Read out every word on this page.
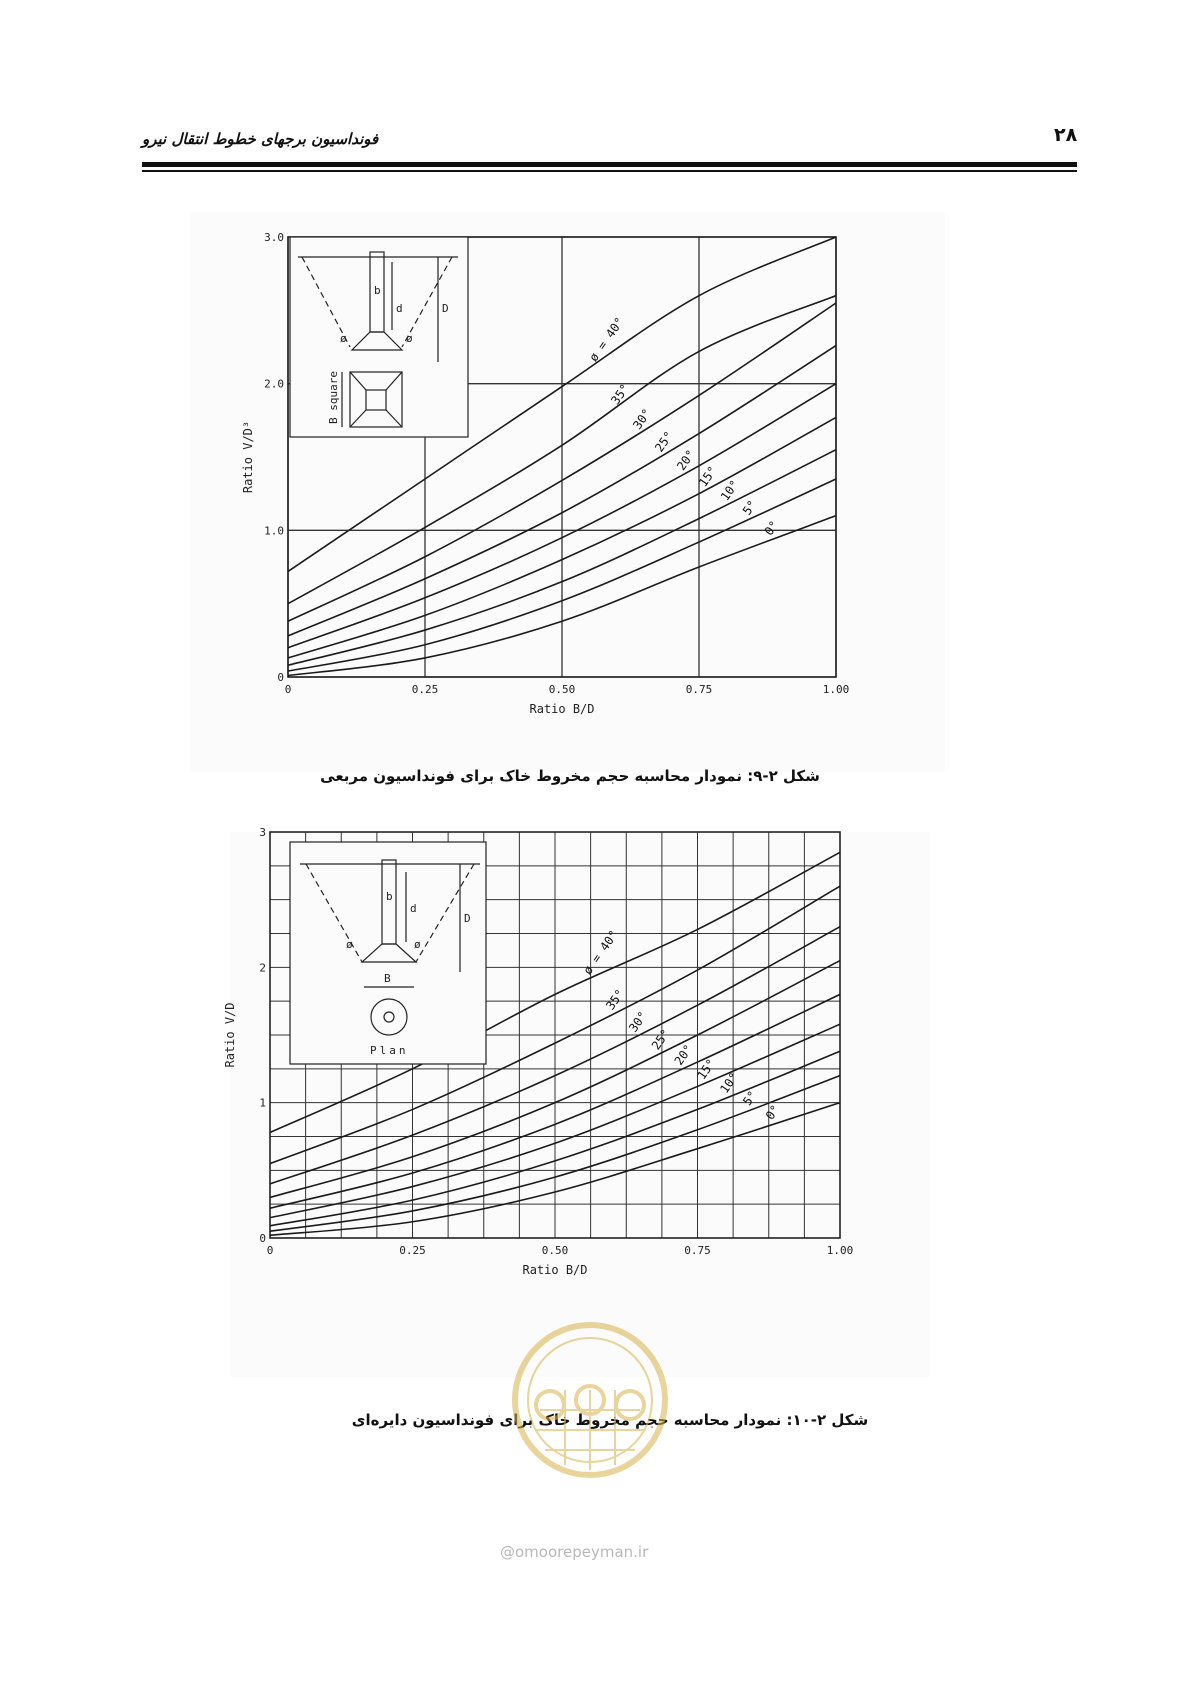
فونداسیون برجهای خطوط انتقال نیرو	۲۸
ø = 40°
35°
30°
25°
20°
15°
10°
5°
0°
0	0.25	0.50	0.75	1.00
0
1.0
2.0
3.0
Ratio B/D
Ratio V/D³
b
d	D
ø	ø
B square
شکل ۲-۹: نمودار محاسبه حجم مخروط خاک برای فونداسیون مربعی
ø = 40°
35°
30°
25°
20°
15°
10°
5°
0°
0	0.25	0.50	0.75	1.00
0
1
2
3
Ratio B/D
Ratio V/D
b
d
D
ø	ø
B
Plan
شکل ۲-۱۰: نمودار محاسبه حجم مخروط خاک برای فونداسیون دایره‌ای
@omoorepeyman.ir
